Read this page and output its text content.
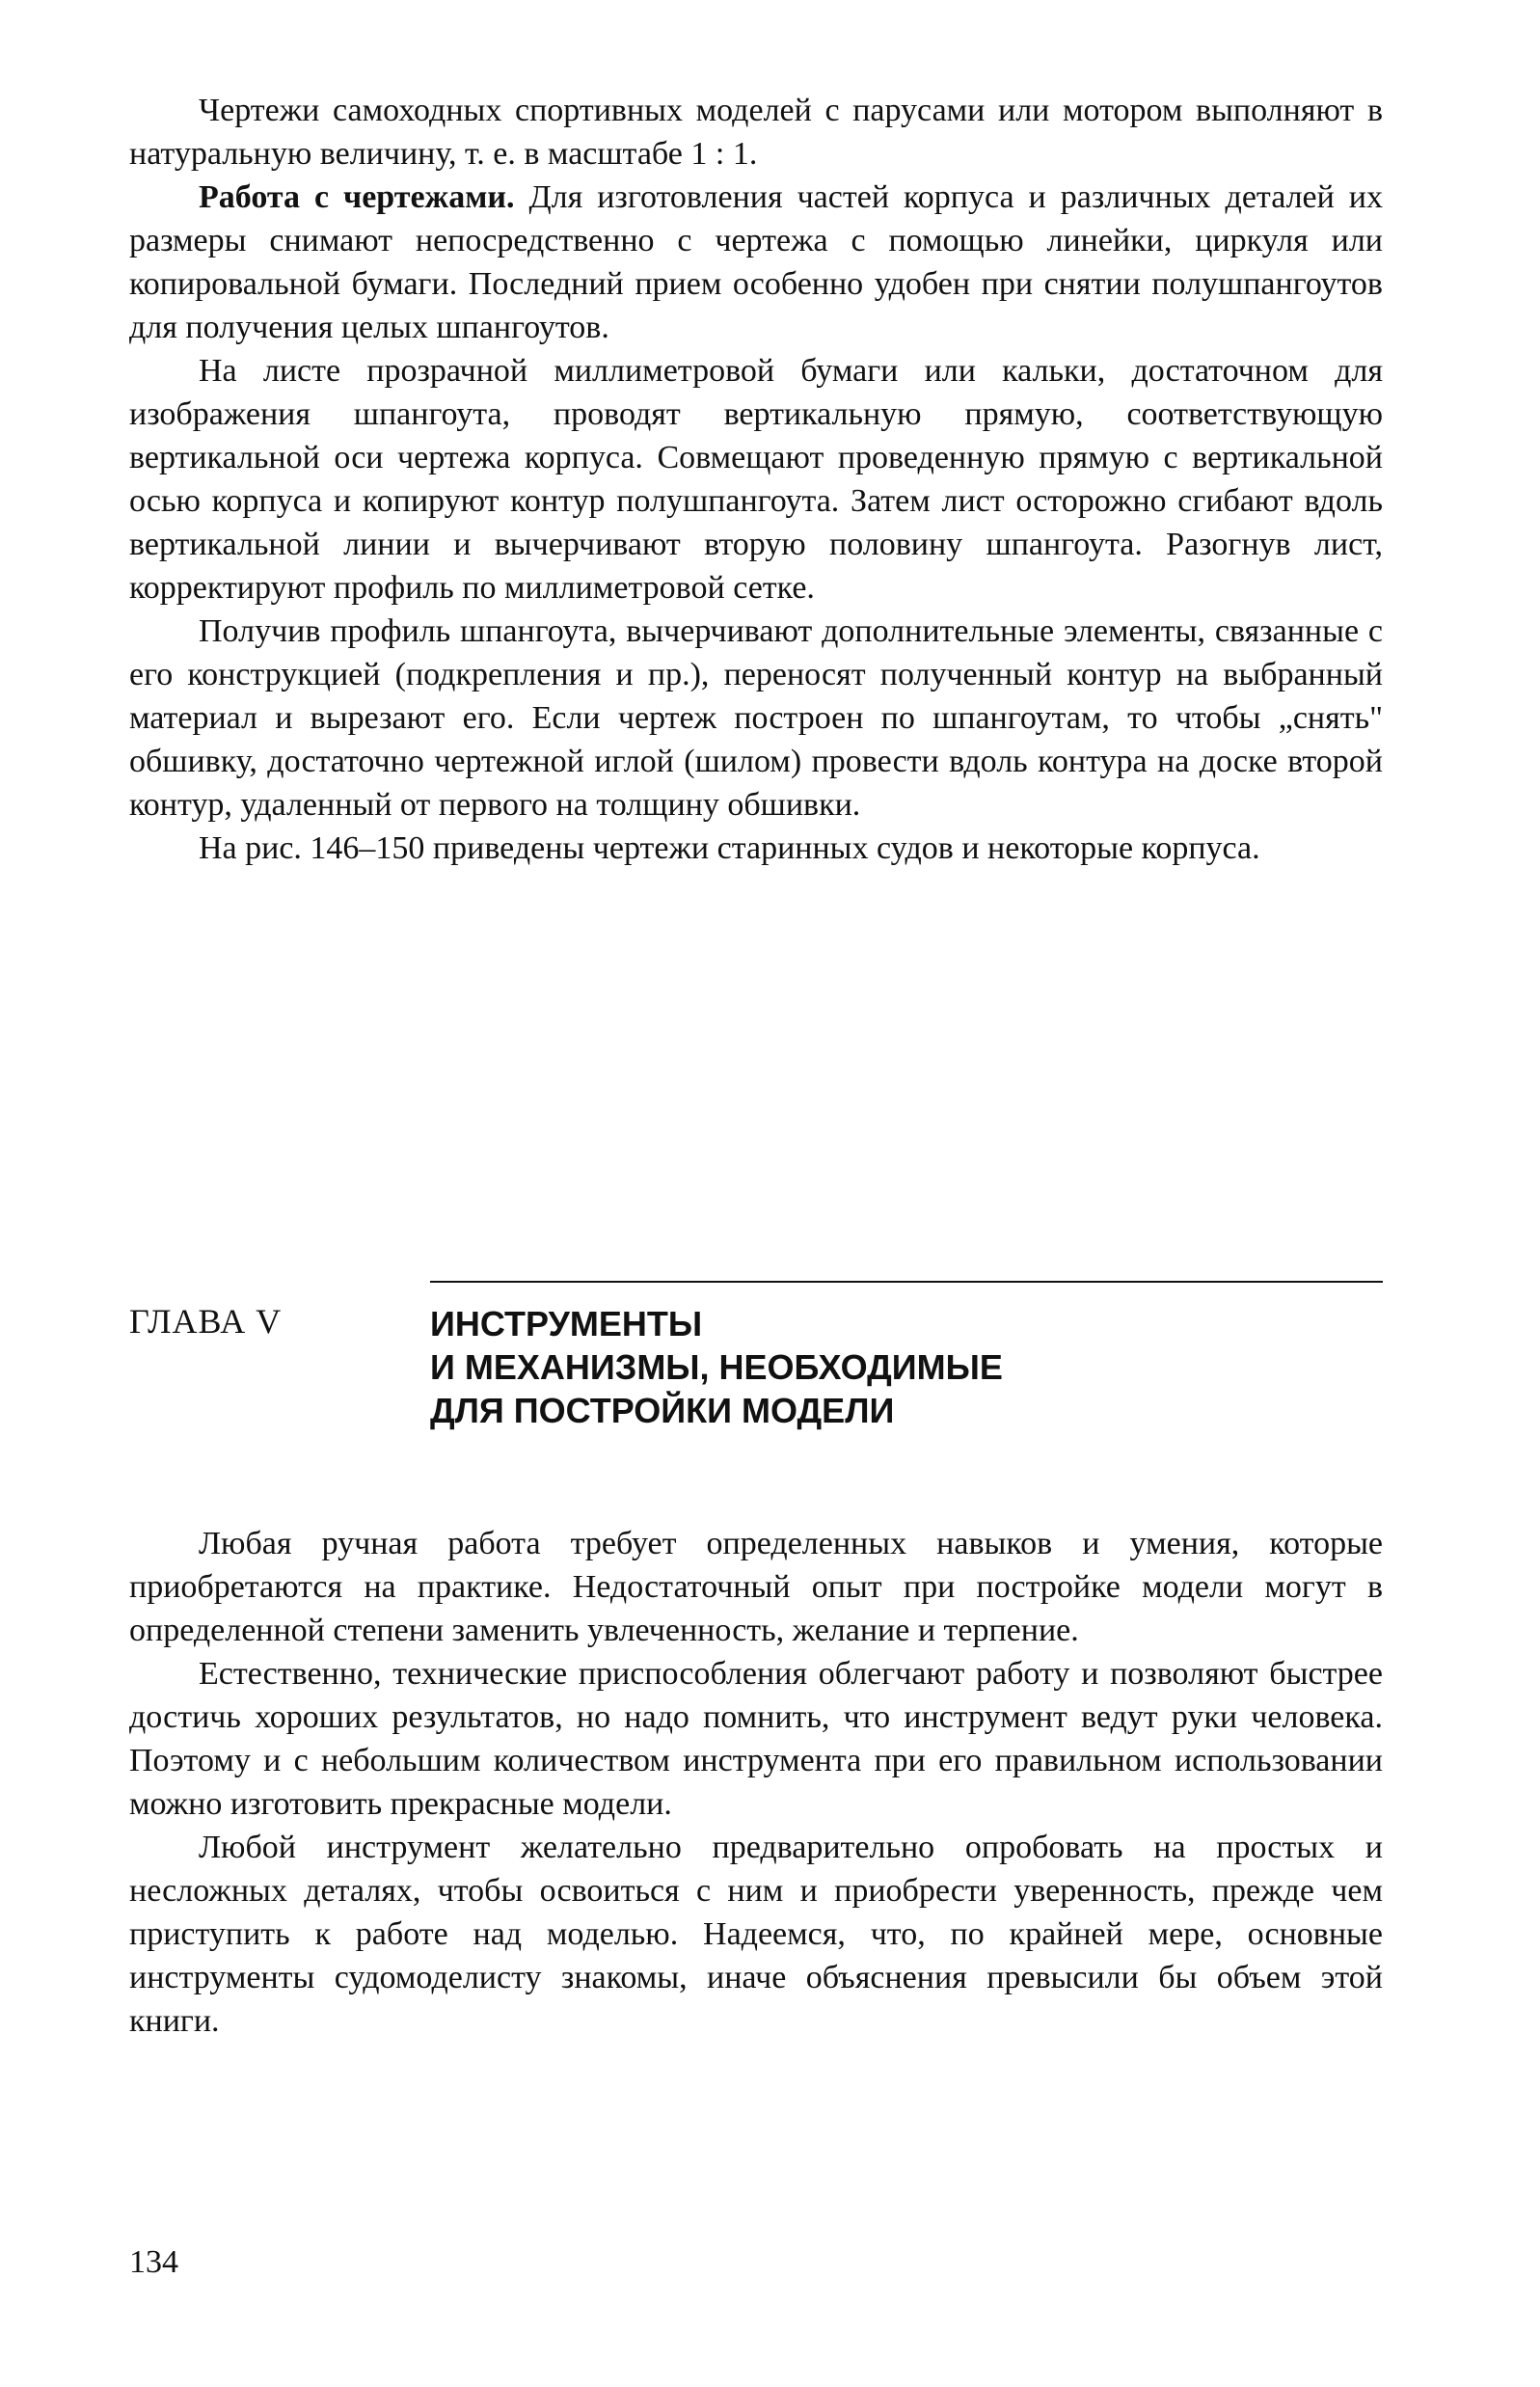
Чертежи самоходных спортивных моделей с парусами или мотором выполняют в натуральную величину, т. е. в масштабе 1 : 1.

Работа с чертежами. Для изготовления частей корпуса и различных деталей их размеры снимают непосредственно с чертежа с помощью линейки, циркуля или копировальной бумаги. Последний прием особенно удобен при снятии полушпангоутов для получения целых шпангоутов.

На листе прозрачной миллиметровой бумаги или кальки, достаточном для изображения шпангоута, проводят вертикальную прямую, соответствующую вертикальной оси чертежа корпуса. Совмещают проведенную прямую с вертикальной осью корпуса и копируют контур полушпангоута. Затем лист осторожно сгибают вдоль вертикальной линии и вычерчивают вторую половину шпангоута. Разогнув лист, корректируют профиль по миллиметровой сетке.

Получив профиль шпангоута, вычерчивают дополнительные элементы, связанные с его конструкцией (подкрепления и пр.), переносят полученный контур на выбранный материал и вырезают его. Если чертеж построен по шпангоутам, то чтобы „снять" обшивку, достаточно чертежной иглой (шилом) провести вдоль контура на доске второй контур, удаленный от первого на толщину обшивки.

На рис. 146–150 приведены чертежи старинных судов и некоторые корпуса.

ГЛАВА V	ИНСТРУМЕНТЫ
И МЕХАНИЗМЫ, НЕОБХОДИМЫЕ
ДЛЯ ПОСТРОЙКИ МОДЕЛИ

Любая ручная работа требует определенных навыков и умения, которые приобретаются на практике. Недостаточный опыт при постройке модели могут в определенной степени заменить увлеченность, желание и терпение.

Естественно, технические приспособления облегчают работу и позволяют быстрее достичь хороших результатов, но надо помнить, что инструмент ведут руки человека. Поэтому и с небольшим количеством инструмента при его правильном использовании можно изготовить прекрасные модели.

Любой инструмент желательно предварительно опробовать на простых и несложных деталях, чтобы освоиться с ним и приобрести уверенность, прежде чем приступить к работе над моделью. Надеемся, что, по крайней мере, основные инструменты судомоделисту знакомы, иначе объяснения превысили бы объем этой книги.

134
